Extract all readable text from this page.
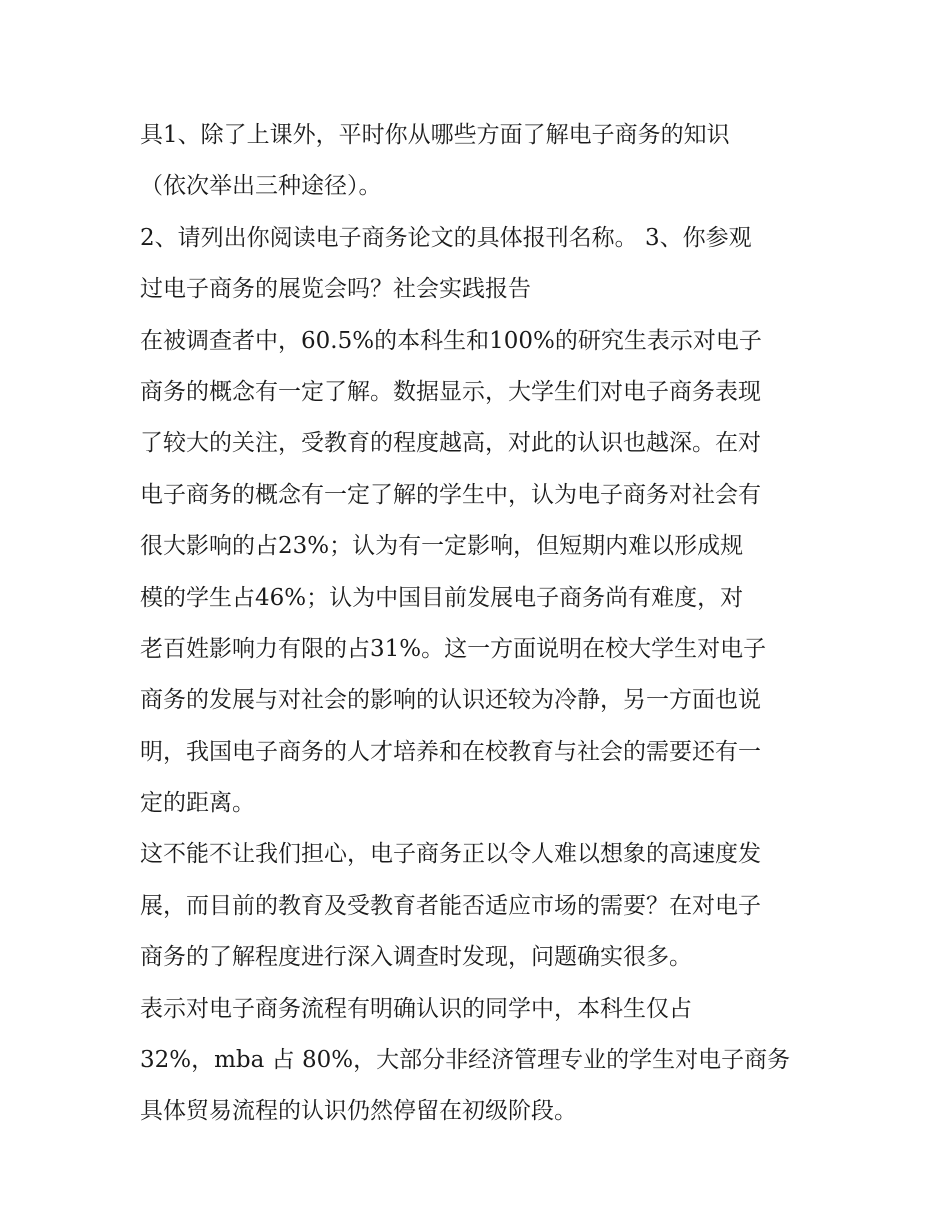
具1、除了上课外，平时你从哪些方面了解电子商务的知识
（依次举出三种途径）。
2、请列出你阅读电子商务论文的具体报刊名称。 3、你参观
过电子商务的展览会吗？社会实践报告
在被调查者中，60.5%的本科生和100%的研究生表示对电子
商务的概念有一定了解。数据显示，大学生们对电子商务表现
了较大的关注，受教育的程度越高，对此的认识也越深。在对
电子商务的概念有一定了解的学生中，认为电子商务对社会有
很大影响的占23%；认为有一定影响，但短期内难以形成规
模的学生占46%；认为中国目前发展电子商务尚有难度，对
老百姓影响力有限的占31%。这一方面说明在校大学生对电子
商务的发展与对社会的影响的认识还较为冷静，另一方面也说
明，我国电子商务的人才培养和在校教育与社会的需要还有一
定的距离。
这不能不让我们担心，电子商务正以令人难以想象的高速度发
展，而目前的教育及受教育者能否适应市场的需要？在对电子
商务的了解程度进行深入调查时发现，问题确实很多。
表示对电子商务流程有明确认识的同学中，本科生仅占
32%，mba 占 80%，大部分非经济管理专业的学生对电子商务
具体贸易流程的认识仍然停留在初级阶段。
